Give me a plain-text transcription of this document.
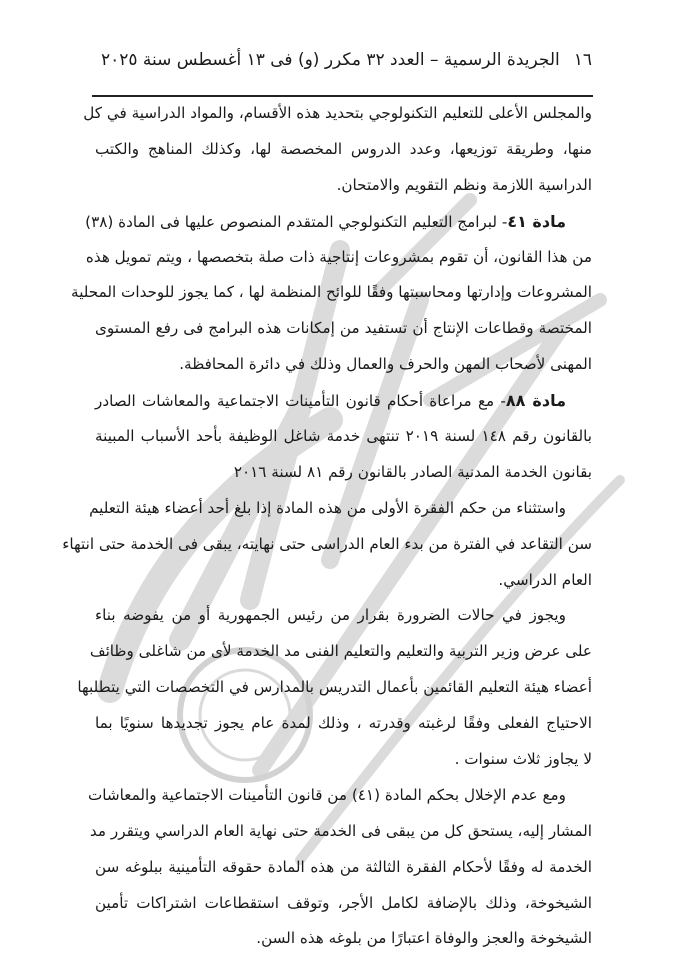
١٦
الجريدة الرسمية – العدد ٣٢ مكرر (و) فى ١٣ أغسطس سنة ٢٠٢٥
والمجلس الأعلى للتعليم التكنولوجي بتحديد هذه الأقسام، والمواد الدراسية في كل
منها، وطريقة توزيعها، وعدد الدروس المخصصة لها، وكذلك المناهج والكتب
الدراسية اللازمة ونظم التقويم والامتحان.
مادة ٤١- لبرامج التعليم التكنولوجي المتقدم المنصوص عليها فى المادة (٣٨)
من هذا القانون، أن تقوم بمشروعات إنتاجية ذات صلة بتخصصها ، ويتم تمويل هذه
المشروعات وإدارتها ومحاسبتها وفقًا للوائح المنظمة لها ، كما يجوز للوحدات المحلية
المختصة وقطاعات الإنتاج أن تستفيد من إمكانات هذه البرامج فى رفع المستوى
المهنى لأصحاب المهن والحرف والعمال وذلك في دائرة المحافظة.
مادة ٨٨- مع مراعاة أحكام قانون التأمينات الاجتماعية والمعاشات الصادر
بالقانون رقم ١٤٨ لسنة ٢٠١٩ تنتهى خدمة شاغل الوظيفة بأحد الأسباب المبينة
بقانون الخدمة المدنية الصادر بالقانون رقم ٨١ لسنة ٢٠١٦
واستثناء من حكم الفقرة الأولى من هذه المادة إذا بلغ أحد أعضاء هيئة التعليم
سن التقاعد في الفترة من بدء العام الدراسى حتى نهايته، يبقى فى الخدمة حتى انتهاء
العام الدراسي.
ويجوز في حالات الضرورة بقرار من رئيس الجمهورية أو من يفوضه بناء
على عرض وزير التربية والتعليم والتعليم الفنى مد الخدمة لأى من شاغلى وظائف
أعضاء هيئة التعليم القائمين بأعمال التدريس بالمدارس في التخصصات التي يتطلبها
الاحتياج الفعلى وفقًا لرغبته وقدرته ، وذلك لمدة عام يجوز تجديدها سنويًا بما
لا يجاوز ثلاث سنوات .
ومع عدم الإخلال بحكم المادة (٤١) من قانون التأمينات الاجتماعية والمعاشات
المشار إليه، يستحق كل من يبقى فى الخدمة حتى نهاية العام الدراسي ويتقرر مد
الخدمة له وفقًا لأحكام الفقرة الثالثة من هذه المادة حقوقه التأمينية ببلوغه سن
الشيخوخة، وذلك بالإضافة لكامل الأجر، وتوقف استقطاعات اشتراكات تأمين
الشيخوخة والعجز والوفاة اعتبارًا من بلوغه هذه السن.
